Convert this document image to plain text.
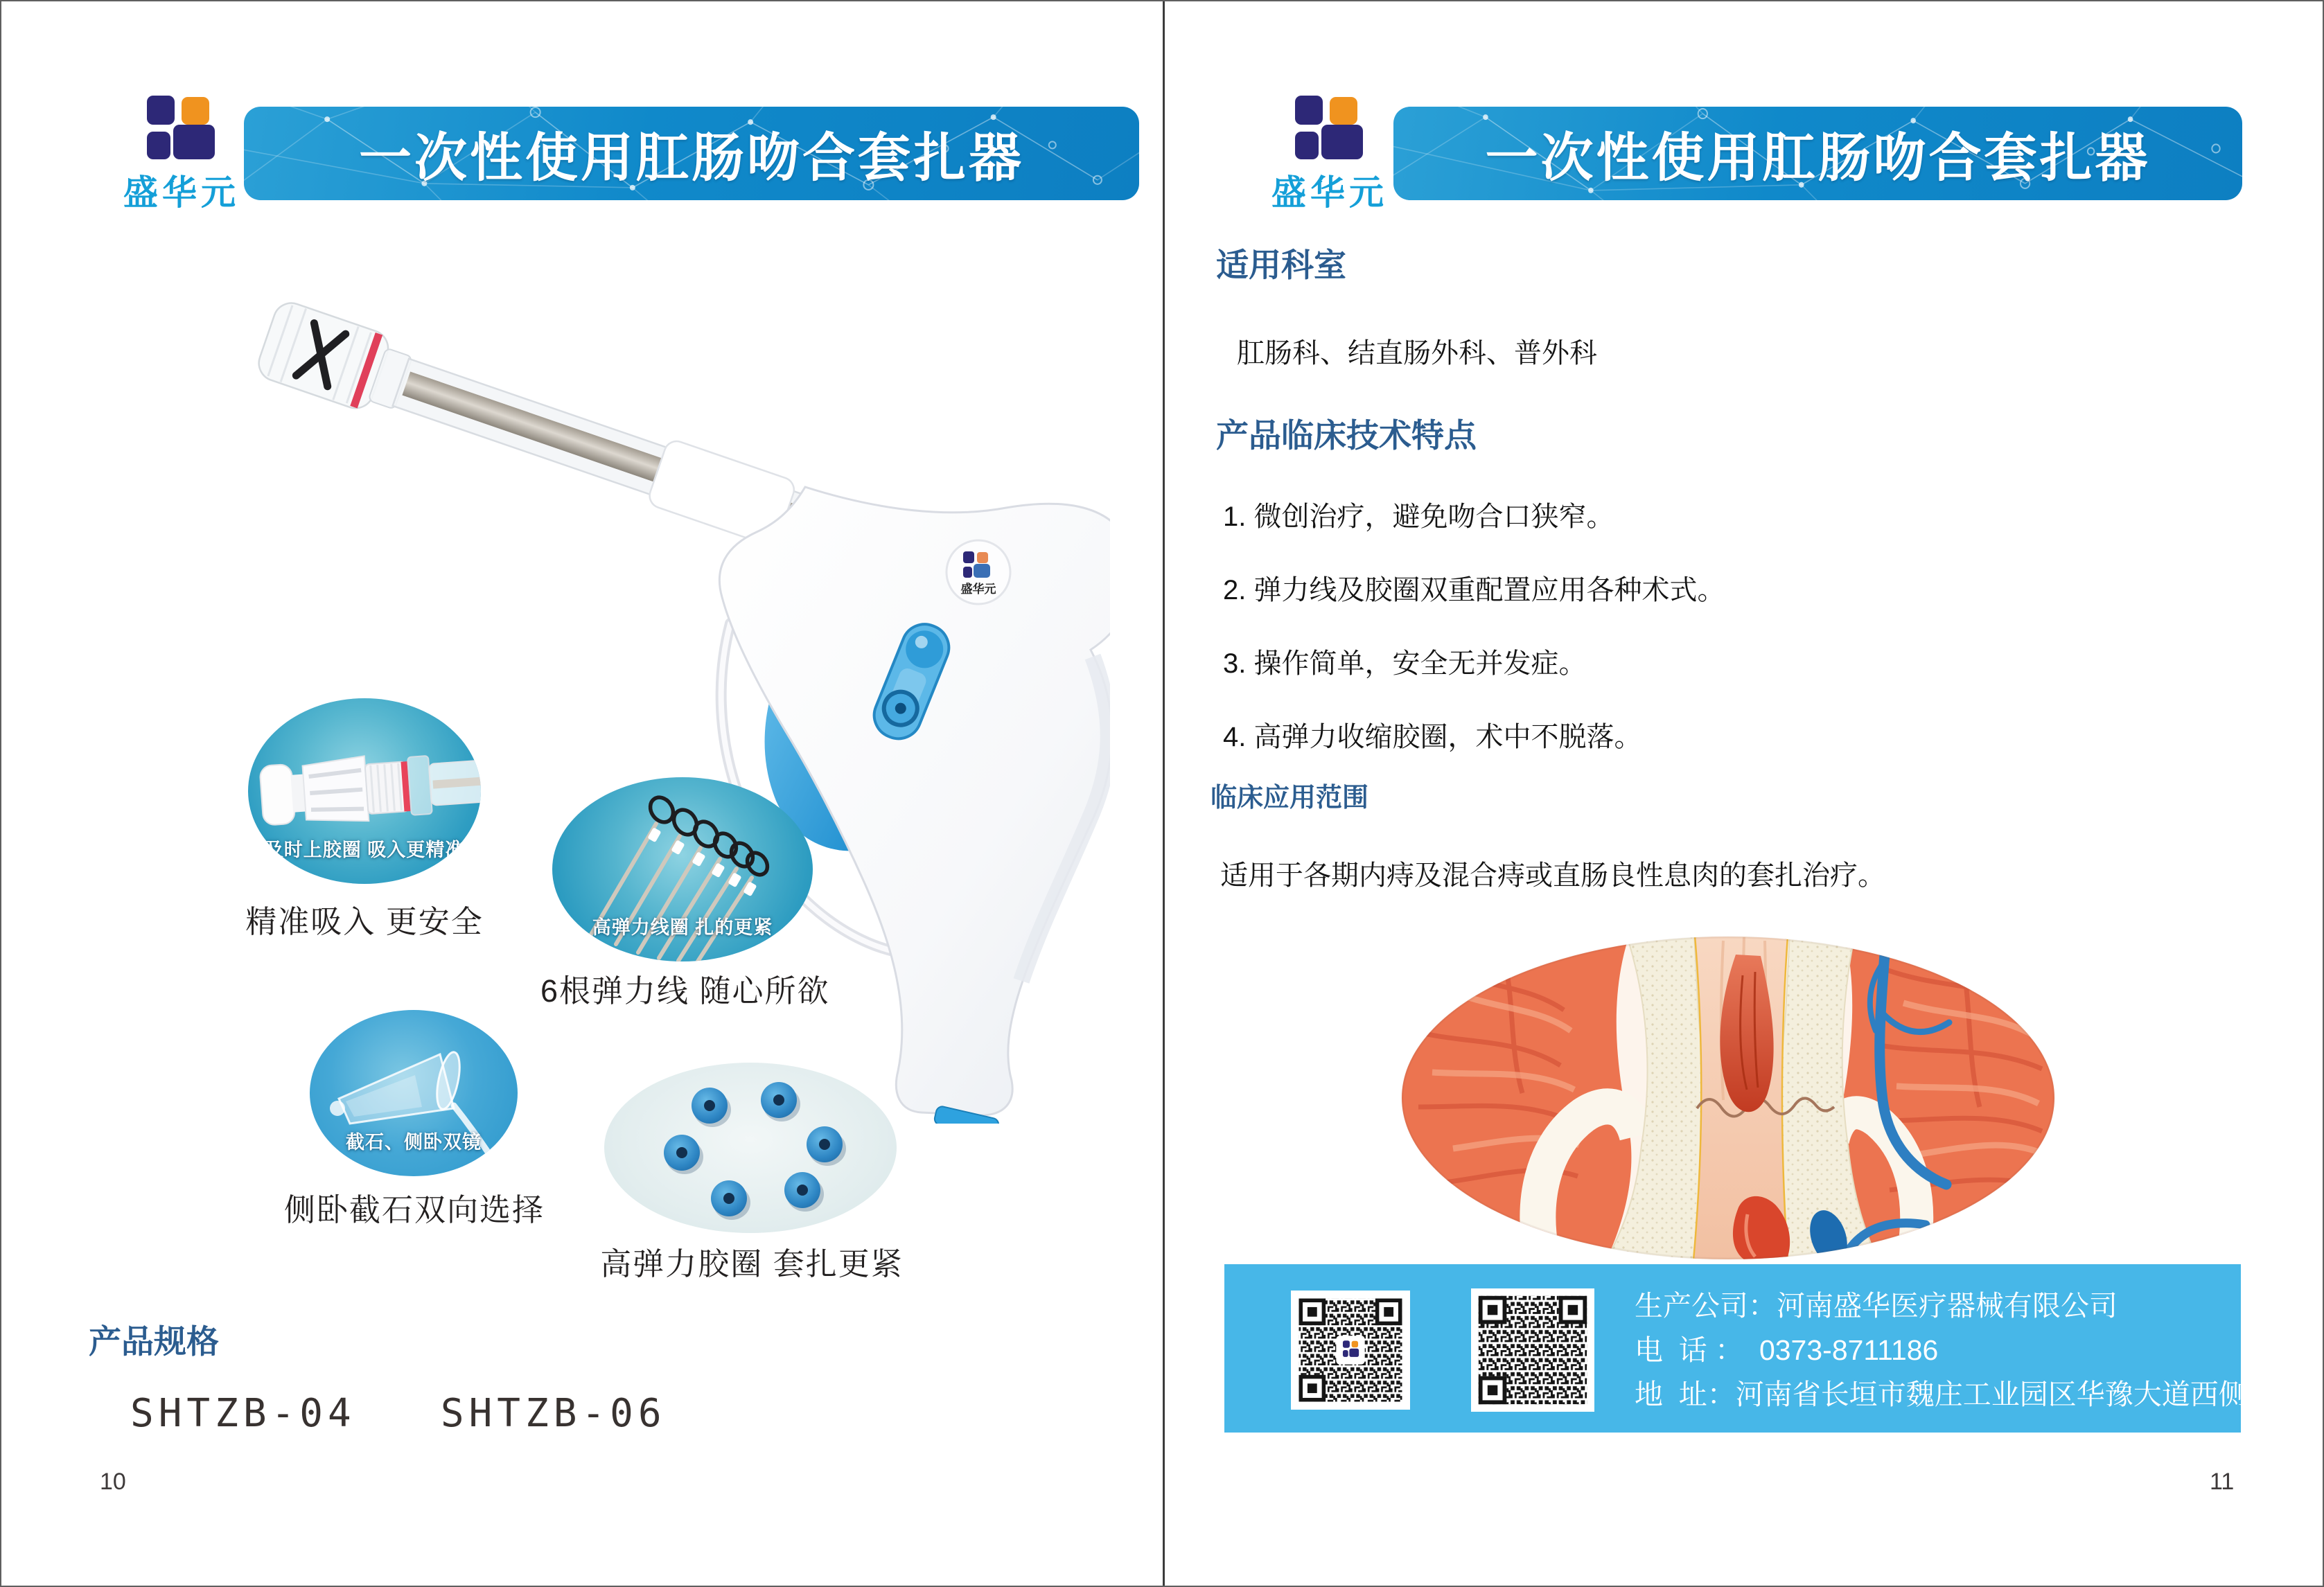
盛华元
一次性使用肛肠吻合套扎器
盛华元
及时上胶圈 吸入更精准
精准吸入 更安全	高弹力线圈 扎的更紧
6根弹力线 随心所欲
截石、侧卧双镜
侧卧截石双向选择
高弹力胶圈 套扎更紧
产品规格
SHTZB-04   SHTZB-06
10
盛华元
一次性使用肛肠吻合套扎器
适用科室
肛肠科、结直肠外科、普外科
产品临床技术特点
1. 微创治疗，避免吻合口狭窄。
2. 弹力线及胶圈双重配置应用各种术式。
3. 操作简单，安全无并发症。
4. 高弹力收缩胶圈，术中不脱落。
临床应用范围
适用于各期内痔及混合痔或直肠良性息肉的套扎治疗。
生产公司：河南盛华医疗器械有限公司
电  话 ：  0373-8711186
地  址：河南省长垣市魏庄工业园区华豫大道西侧
11
